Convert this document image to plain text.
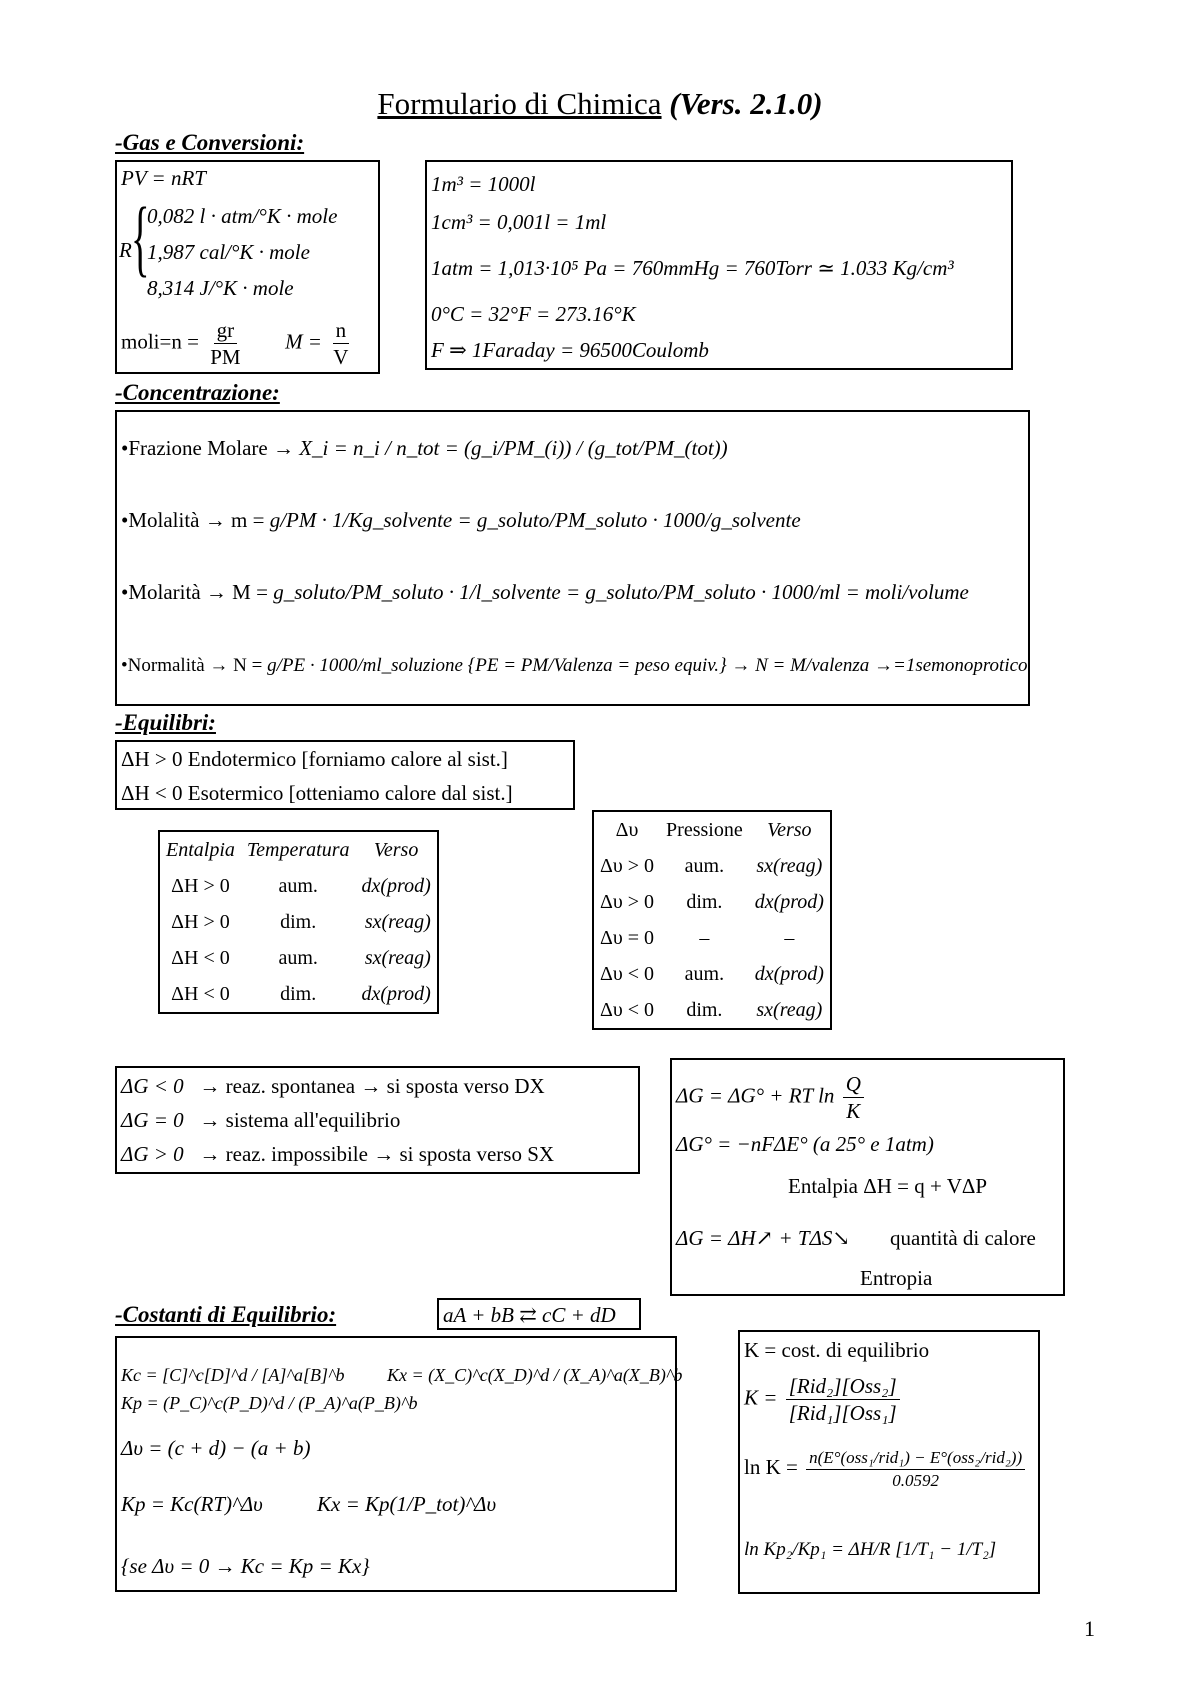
Formulario di Chimica (Vers. 2.1.0)
-Gas e Conversioni:
PV = nRT
R {
0,082 l · atm/°K · mole
1,987 cal/°K · mole
8,314 J/°K · mole
moli=n = $\frac{gr}{PM}$ $M = \frac{n}{V}$
1m³ = 1000l
1cm³ = 0,001l = 1ml
1atm = 1,013·10⁵ Pa = 760mmHg = 760Torr ≃ 1.033 Kg/cm³
0°C = 32°F = 273.16°K
F ⇒ 1Faraday = 96500Coulomb
-Concentrazione:
•Frazione Molare → X_i = n_i / n_tot = (g_i/PM_(i)) / (g_tot/PM_(tot))
•Molalità → m = g/PM · 1/Kg_solvente = g_soluto/PM_soluto · 1000/g_solvente
•Molarità → M = g_soluto/PM_soluto · 1/l_solvente = g_soluto/PM_soluto · 1000/ml = moli/volume
•Normalità → N = g/PE · 1000/ml_soluzione {PE = PM/Valenza = peso equiv.} → N = M/valenza →=1semonoprotico
-Equilibri:
ΔH > 0 Endotermico [forniamo calore al sist.]
ΔH < 0 Esotermico [otteniamo calore dal sist.]
Entalpia	Temperatura	Verso
ΔH > 0	aum.	dx(prod)
ΔH > 0	dim.	sx(reag)
ΔH < 0	aum.	sx(reag)
ΔH < 0	dim.	dx(prod)
Δυ	Pressione	Verso
Δυ > 0	aum.	sx(reag)
Δυ > 0	dim.	dx(prod)
Δυ = 0	–	–
Δυ < 0	aum.	dx(prod)
Δυ < 0	dim.	sx(reag)
ΔG < 0 → reaz. spontanea → si sposta verso DX
ΔG = 0 → sistema all'equilibrio
ΔG > 0 → reaz. impossibile → si sposta verso SX
ΔG = ΔG° + RT $\ln \frac{Q}{K}$
ΔG° = −nFΔE° (a 25° e 1atm)
Entalpia ΔH = q + VΔP
ΔG = ΔH↗ + TΔS↘ quantità di calore
Entropia
-Costanti di Equilibrio:	aA + bB ⇄ cC + dD
Kc = [C]^c[D]^d / [A]^a[B]^b
Kp = (P_C)^c(P_D)^d / (P_A)^a(P_B)^b
Kx = (X_C)^c(X_D)^d / (X_A)^a(X_B)^b
Δυ = (c + d) − (a + b)
Kp = Kc(RT)^Δυ	Kx = Kp(1/P_tot)^Δυ
{se Δυ = 0 → Kc = Kp = Kx}
K = cost. di equilibrio
$K = \frac{\text{[Rid₂][Oss₂]}}{\text{[Rid₁][Oss₁]}}$
$\ln K = \frac{\text{n(E°(oss₁/rid₁) − E°(oss₂/rid₂))}}{0.0592}$
ln Kp₂/Kp₁ = ΔH/R [1/T₁ − 1/T₂]
1
